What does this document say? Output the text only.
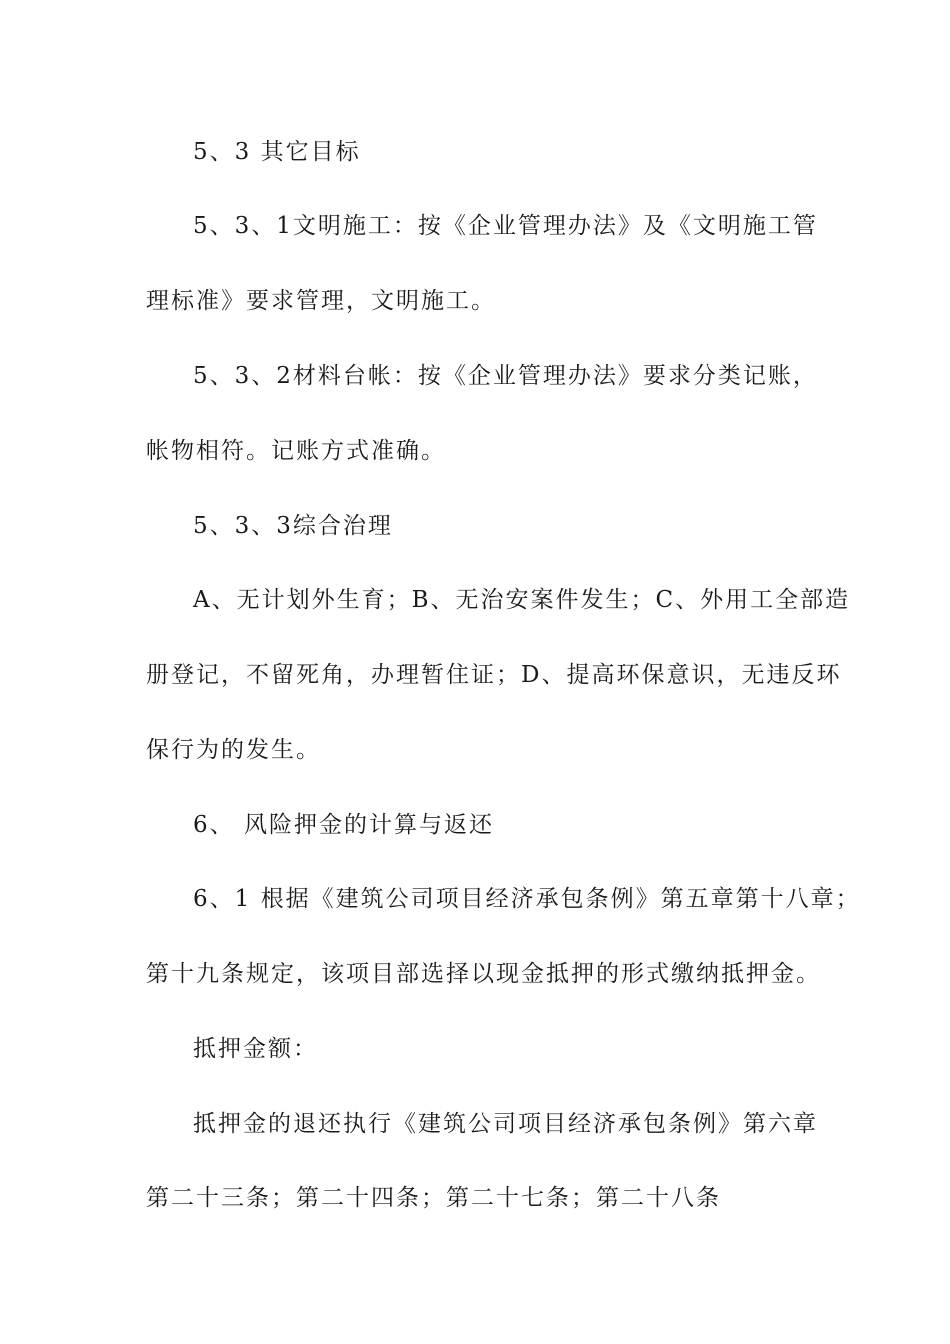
5、3 其它目标
5、3、1文明施工：按《企业管理办法》及《文明施工管
理标准》要求管理，文明施工。
5、3、2材料台帐：按《企业管理办法》要求分类记账，
帐物相符。记账方式准确。
5、3、3综合治理
A、无计划外生育；B、无治安案件发生；C、外用工全部造
册登记，不留死角，办理暂住证；D、提高环保意识，无违反环
保行为的发生。
6、 风险押金的计算与返还
6、1 根据《建筑公司项目经济承包条例》第五章第十八章；
第十九条规定，该项目部选择以现金抵押的形式缴纳抵押金。
抵押金额：
抵押金的退还执行《建筑公司项目经济承包条例》第六章
第二十三条；第二十四条；第二十七条；第二十八条
